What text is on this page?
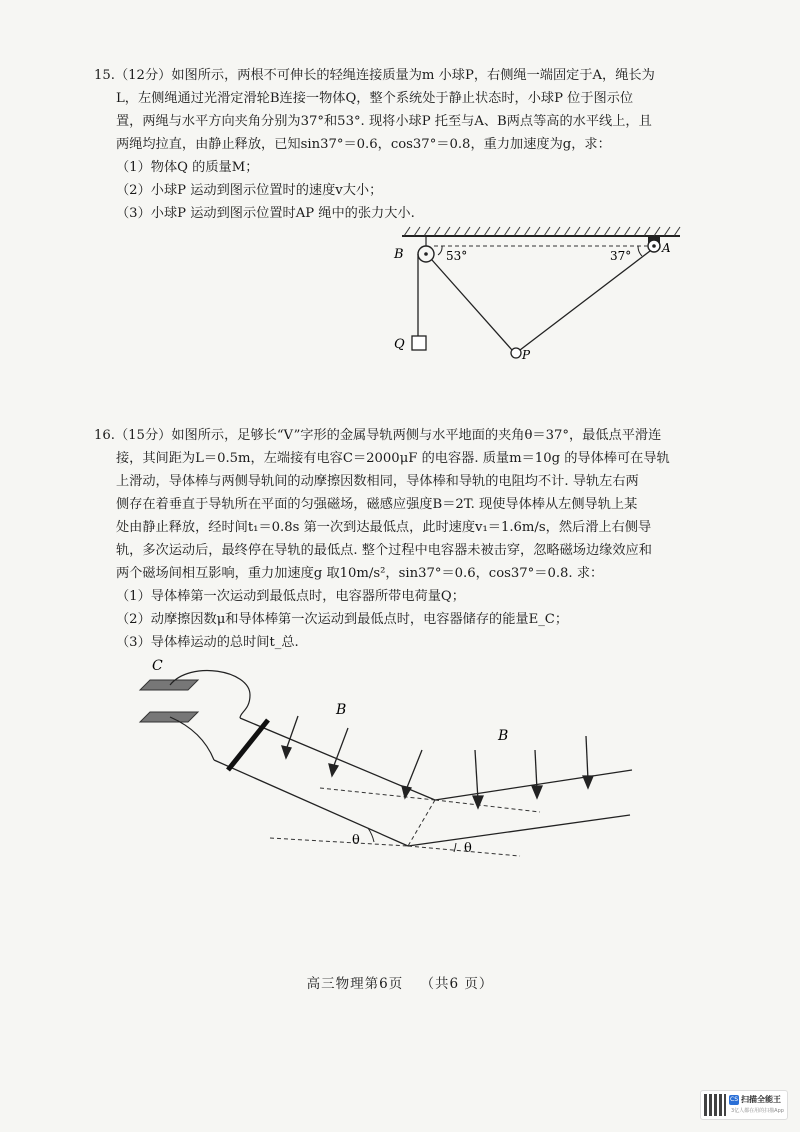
15.（12分）如图所示，两根不可伸长的轻绳连接质量为m 小球P，右侧绳一端固定于A，绳长为

L，左侧绳通过光滑定滑轮B连接一物体Q，整个系统处于静止状态时，小球P 位于图示位

置，两绳与水平方向夹角分别为37°和53°. 现将小球P 托至与A、B两点等高的水平线上，且

两绳均拉直，由静止释放，已知sin37°＝0.6，cos37°＝0.8，重力加速度为g，求：

（1）物体Q 的质量M；

（2）小球P 运动到图示位置时的速度v大小；

（3）小球P 运动到图示位置时AP 绳中的张力大小.

B	A
Q
P
53°	37°

16.（15分）如图所示，足够长“V”字形的金属导轨两侧与水平地面的夹角θ＝37°，最低点平滑连

接，其间距为L＝0.5m，左端接有电容C＝2000μF 的电容器. 质量m＝10g 的导体棒可在导轨

上滑动，导体棒与两侧导轨间的动摩擦因数相同，导体棒和导轨的电阻均不计. 导轨左右两

侧存在着垂直于导轨所在平面的匀强磁场，磁感应强度B＝2T. 现使导体棒从左侧导轨上某

处由静止释放，经时间t₁＝0.8s 第一次到达最低点，此时速度v₁＝1.6m/s，然后滑上右侧导

轨，多次运动后，最终停在导轨的最低点. 整个过程中电容器未被击穿，忽略磁场边缘效应和

两个磁场间相互影响，重力加速度g 取10m/s²，sin37°＝0.6，cos37°＝0.8. 求：

（1）导体棒第一次运动到最低点时，电容器所带电荷量Q；

（2）动摩擦因数μ和导体棒第一次运动到最低点时，电容器储存的能量E_C；

（3）导体棒运动的总时间t_总.

C
B
B
θ
θ
高三物理第6页 （共6 页）
CS 扫描全能王
3亿人都在用的扫描App
